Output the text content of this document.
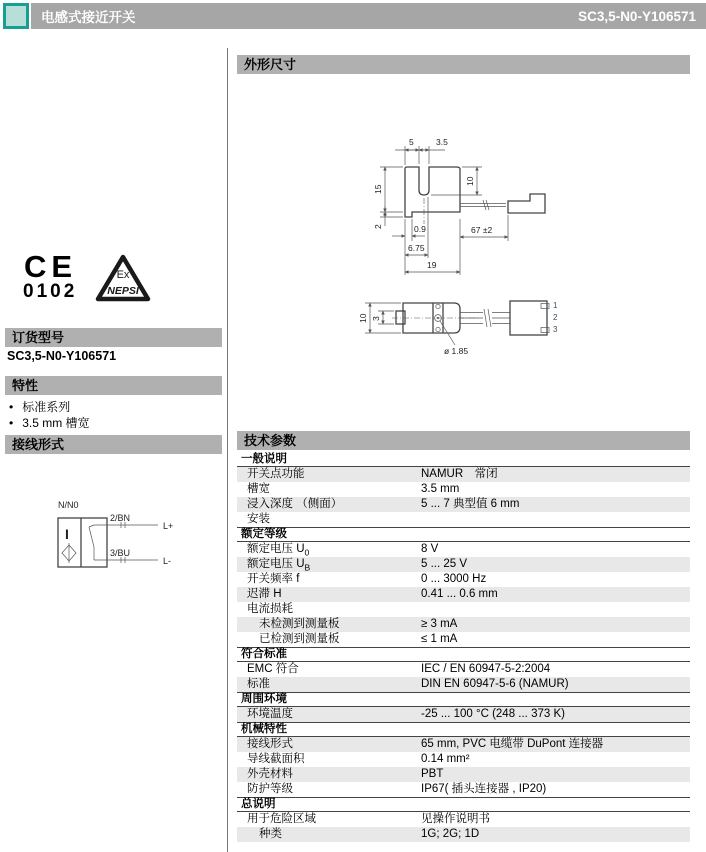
电感式接近开关	SC3,5-N0-Y106571
CE
0102
Ex
NEPSI
订货型号
SC3,5-N0-Y106571
特性
• 标准系列
• 3.5 mm 槽宽
接线形式
N/N0
I
2/BN
3/BU
L+
L-
外形尺寸
5	3.5
15
2
10
0.9
6.75
19
67 ±2
10 3
1
2
3
ø 1.85
技术参数
一般说明
开关点功能	NAMUR　常闭
槽宽	3.5 mm
浸入深度 （侧面）	5 ... 7 典型值 6 mm
安装
额定等级
额定电压 $U_0$	8 V
额定电压 $U_B$	5 ... 25 V
开关频率 f	0 ... 3000 Hz
迟滞 H	0.41 ... 0.6 mm
电流损耗
未检测到测量板	≥ 3 mA
已检测到测量板	≤ 1 mA
符合标准
EMC 符合	IEC / EN 60947-5-2:2004
标准	DIN EN 60947-5-6 (NAMUR)
周围环境
环境温度	-25 ... 100 °C (248 ... 373 K)
机械特性
接线形式	65 mm, PVC 电缆带 DuPont 连接器
导线截面积	0.14 mm²
外壳材料	PBT
防护等级	IP67( 插头连接器 , IP20)
总说明
用于危险区域	见操作说明书
种类	1G; 2G; 1D
